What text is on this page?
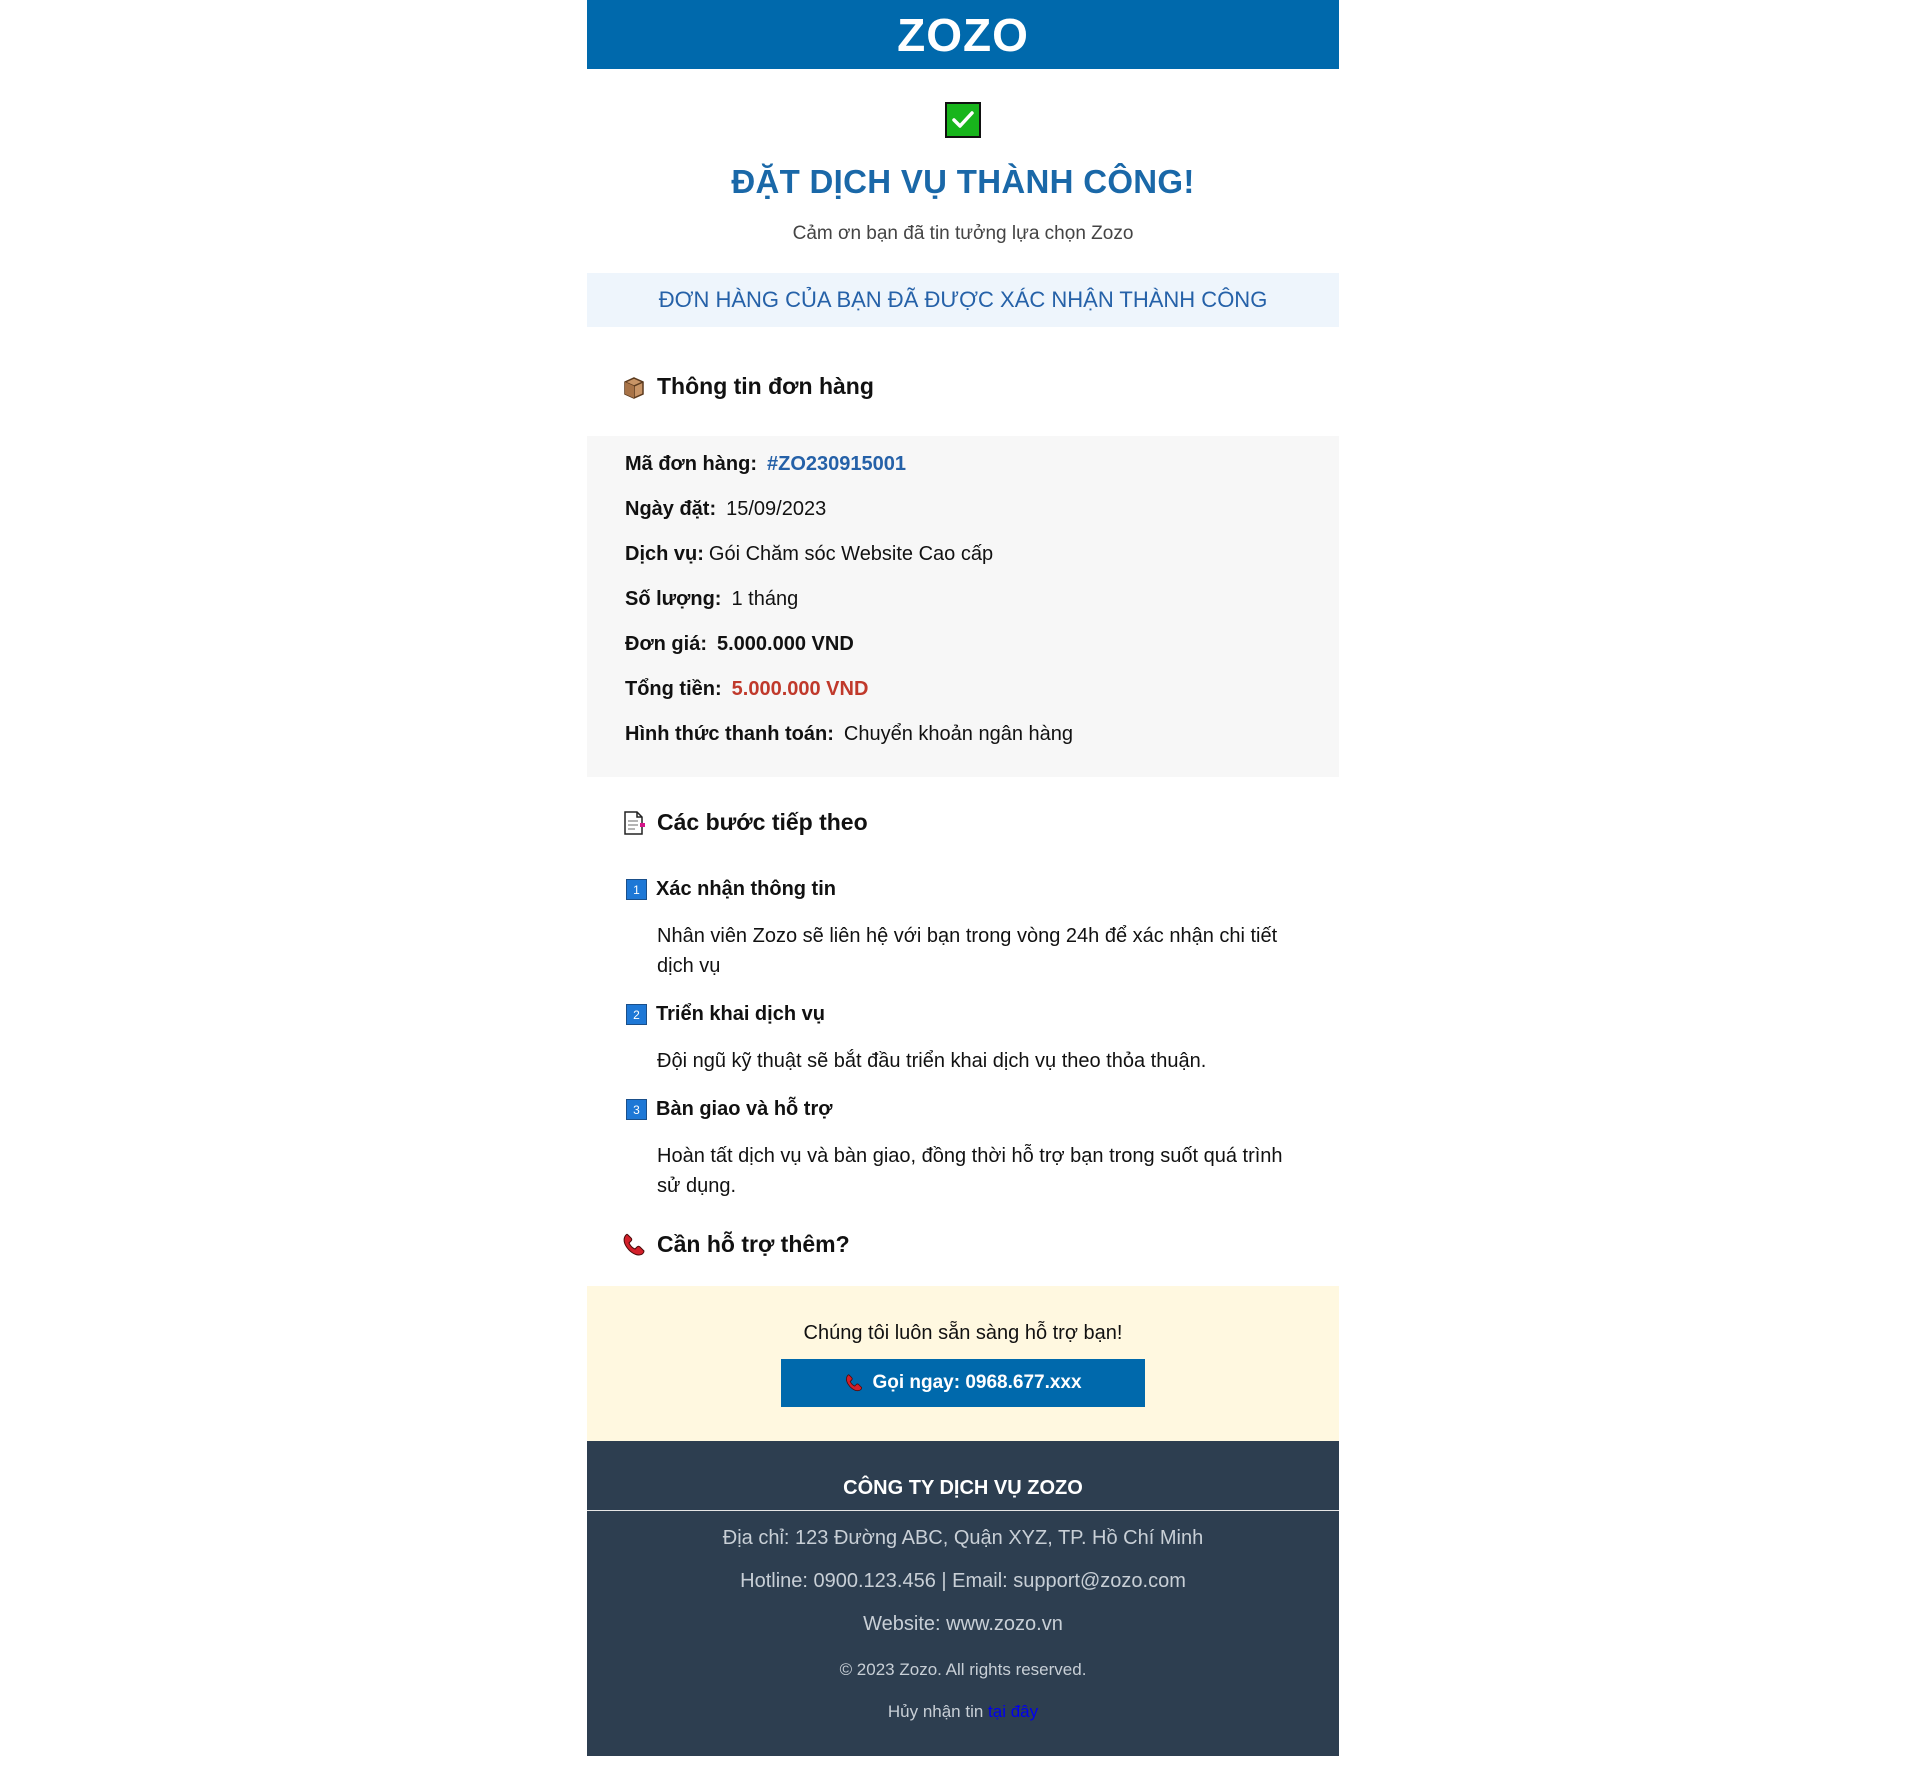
ZOZO
ĐẶT DỊCH VỤ THÀNH CÔNG!
Cảm ơn bạn đã tin tưởng lựa chọn Zozo
ĐƠN HÀNG CỦA BẠN ĐÃ ĐƯỢC XÁC NHẬN THÀNH CÔNG
Thông tin đơn hàng
Mã đơn hàng: #ZO230915001
Ngày đặt: 15/09/2023
Dịch vụ: Gói Chăm sóc Website Cao cấp
Số lượng: 1 tháng
Đơn giá: 5.000.000 VND
Tổng tiền: 5.000.000 VND
Hình thức thanh toán: Chuyển khoản ngân hàng
Các bước tiếp theo
1 Xác nhận thông tin
Nhân viên Zozo sẽ liên hệ với bạn trong vòng 24h để xác nhận chi tiết dịch vụ
2 Triển khai dịch vụ
Đội ngũ kỹ thuật sẽ bắt đầu triển khai dịch vụ theo thỏa thuận.
3 Bàn giao và hỗ trợ
Hoàn tất dịch vụ và bàn giao, đồng thời hỗ trợ bạn trong suốt quá trình sử dụng.
Cần hỗ trợ thêm?
Chúng tôi luôn sẵn sàng hỗ trợ bạn!
Gọi ngay: 0968.677.xxx
CÔNG TY DỊCH VỤ ZOZO
Địa chỉ: 123 Đường ABC, Quận XYZ, TP. Hồ Chí Minh
Hotline: 0900.123.456 | Email: support@zozo.com
Website: www.zozo.vn
© 2023 Zozo. All rights reserved.
Hủy nhận tin tại đây
